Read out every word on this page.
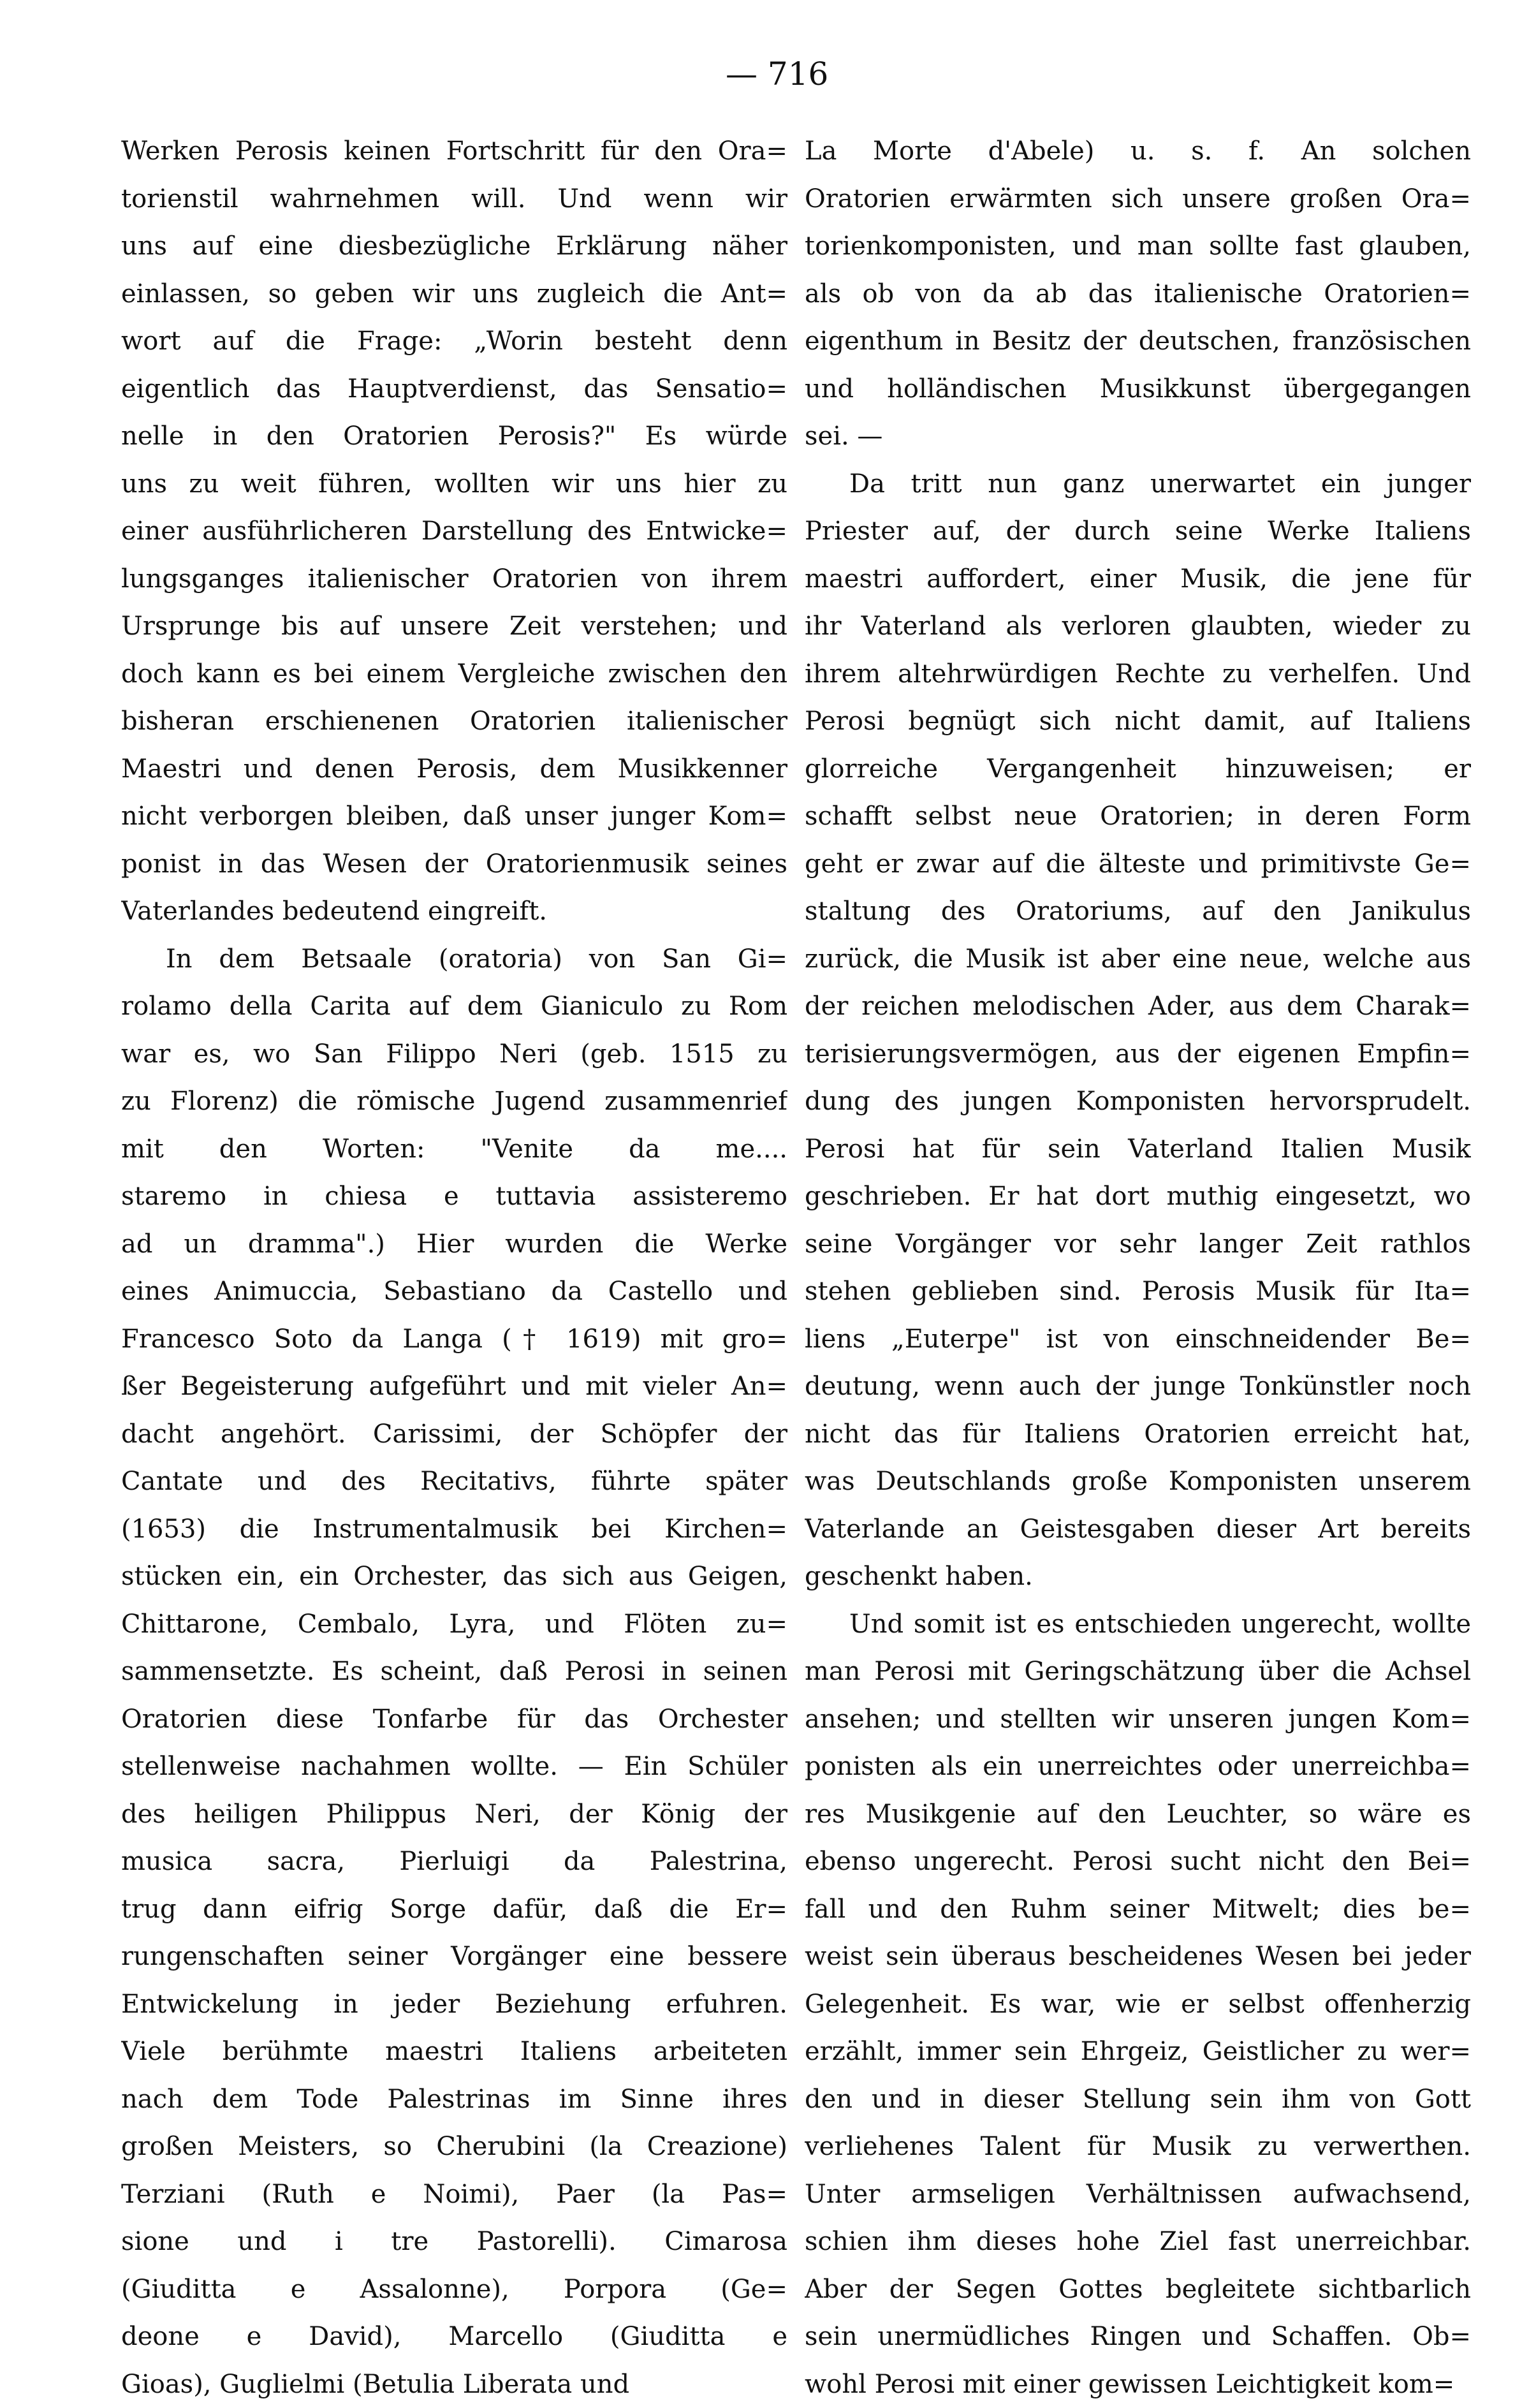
— 716
Werken Perosis keinen Fortschritt für den Ora=
torienstil wahrnehmen will. Und wenn wir
uns auf eine diesbezügliche Erklärung näher
einlassen, so geben wir uns zugleich die Ant=
wort auf die Frage: „Worin besteht denn
eigentlich das Hauptverdienst, das Sensatio=
nelle in den Oratorien Perosis?" Es würde
uns zu weit führen, wollten wir uns hier zu
einer ausführlicheren Darstellung des Entwicke=
lungsganges italienischer Oratorien von ihrem
Ursprunge bis auf unsere Zeit verstehen; und
doch kann es bei einem Vergleiche zwischen den
bisheran erschienenen Oratorien italienischer
Maestri und denen Perosis, dem Musikkenner
nicht verborgen bleiben, daß unser junger Kom=
ponist in das Wesen der Oratorienmusik seines
Vaterlandes bedeutend eingreift.
In dem Betsaale (oratoria) von San Gi=
rolamo della Carita auf dem Gianiculo zu Rom
war es, wo San Filippo Neri (geb. 1515 zu
zu Florenz) die römische Jugend zusammenrief
mit den Worten: "Venite da me....
staremo in chiesa e tuttavia assisteremo
ad un dramma".) Hier wurden die Werke
eines Animuccia, Sebastiano da Castello und
Francesco Soto da Langa († 1619) mit gro=
ßer Begeisterung aufgeführt und mit vieler An=
dacht angehört. Carissimi, der Schöpfer der
Cantate und des Recitativs, führte später
(1653) die Instrumentalmusik bei Kirchen=
stücken ein, ein Orchester, das sich aus Geigen,
Chittarone, Cembalo, Lyra, und Flöten zu=
sammensetzte. Es scheint, daß Perosi in seinen
Oratorien diese Tonfarbe für das Orchester
stellenweise nachahmen wollte. — Ein Schüler
des heiligen Philippus Neri, der König der
musica sacra, Pierluigi da Palestrina,
trug dann eifrig Sorge dafür, daß die Er=
rungenschaften seiner Vorgänger eine bessere
Entwickelung in jeder Beziehung erfuhren.
Viele berühmte maestri Italiens arbeiteten
nach dem Tode Palestrinas im Sinne ihres
großen Meisters, so Cherubini (la Creazione)
Terziani (Ruth e Noimi), Paer (la Pas=
sione und i tre Pastorelli). Cimarosa
(Giuditta e Assalonne), Porpora (Ge=
deone e David), Marcello (Giuditta e
Gioas), Guglielmi (Betulia Liberata und
La Morte d'Abele) u. s. f. An solchen
Oratorien erwärmten sich unsere großen Ora=
torienkomponisten, und man sollte fast glauben,
als ob von da ab das italienische Oratorien=
eigenthum in Besitz der deutschen, französischen
und holländischen Musikkunst übergegangen
sei. —
Da tritt nun ganz unerwartet ein junger
Priester auf, der durch seine Werke Italiens
maestri auffordert, einer Musik, die jene für
ihr Vaterland als verloren glaubten, wieder zu
ihrem altehrwürdigen Rechte zu verhelfen. Und
Perosi begnügt sich nicht damit, auf Italiens
glorreiche Vergangenheit hinzuweisen; er
schafft selbst neue Oratorien; in deren Form
geht er zwar auf die älteste und primitivste Ge=
staltung des Oratoriums, auf den Janikulus
zurück, die Musik ist aber eine neue, welche aus
der reichen melodischen Ader, aus dem Charak=
terisierungsvermögen, aus der eigenen Empfin=
dung des jungen Komponisten hervorsprudelt.
Perosi hat für sein Vaterland Italien Musik
geschrieben. Er hat dort muthig eingesetzt, wo
seine Vorgänger vor sehr langer Zeit rathlos
stehen geblieben sind. Perosis Musik für Ita=
liens „Euterpe" ist von einschneidender Be=
deutung, wenn auch der junge Tonkünstler noch
nicht das für Italiens Oratorien erreicht hat,
was Deutschlands große Komponisten unserem
Vaterlande an Geistesgaben dieser Art bereits
geschenkt haben.
Und somit ist es entschieden ungerecht, wollte
man Perosi mit Geringschätzung über die Achsel
ansehen; und stellten wir unseren jungen Kom=
ponisten als ein unerreichtes oder unerreichba=
res Musikgenie auf den Leuchter, so wäre es
ebenso ungerecht. Perosi sucht nicht den Bei=
fall und den Ruhm seiner Mitwelt; dies be=
weist sein überaus bescheidenes Wesen bei jeder
Gelegenheit. Es war, wie er selbst offenherzig
erzählt, immer sein Ehrgeiz, Geistlicher zu wer=
den und in dieser Stellung sein ihm von Gott
verliehenes Talent für Musik zu verwerthen.
Unter armseligen Verhältnissen aufwachsend,
schien ihm dieses hohe Ziel fast unerreichbar.
Aber der Segen Gottes begleitete sichtbarlich
sein unermüdliches Ringen und Schaffen. Ob=
wohl Perosi mit einer gewissen Leichtigkeit kom=
